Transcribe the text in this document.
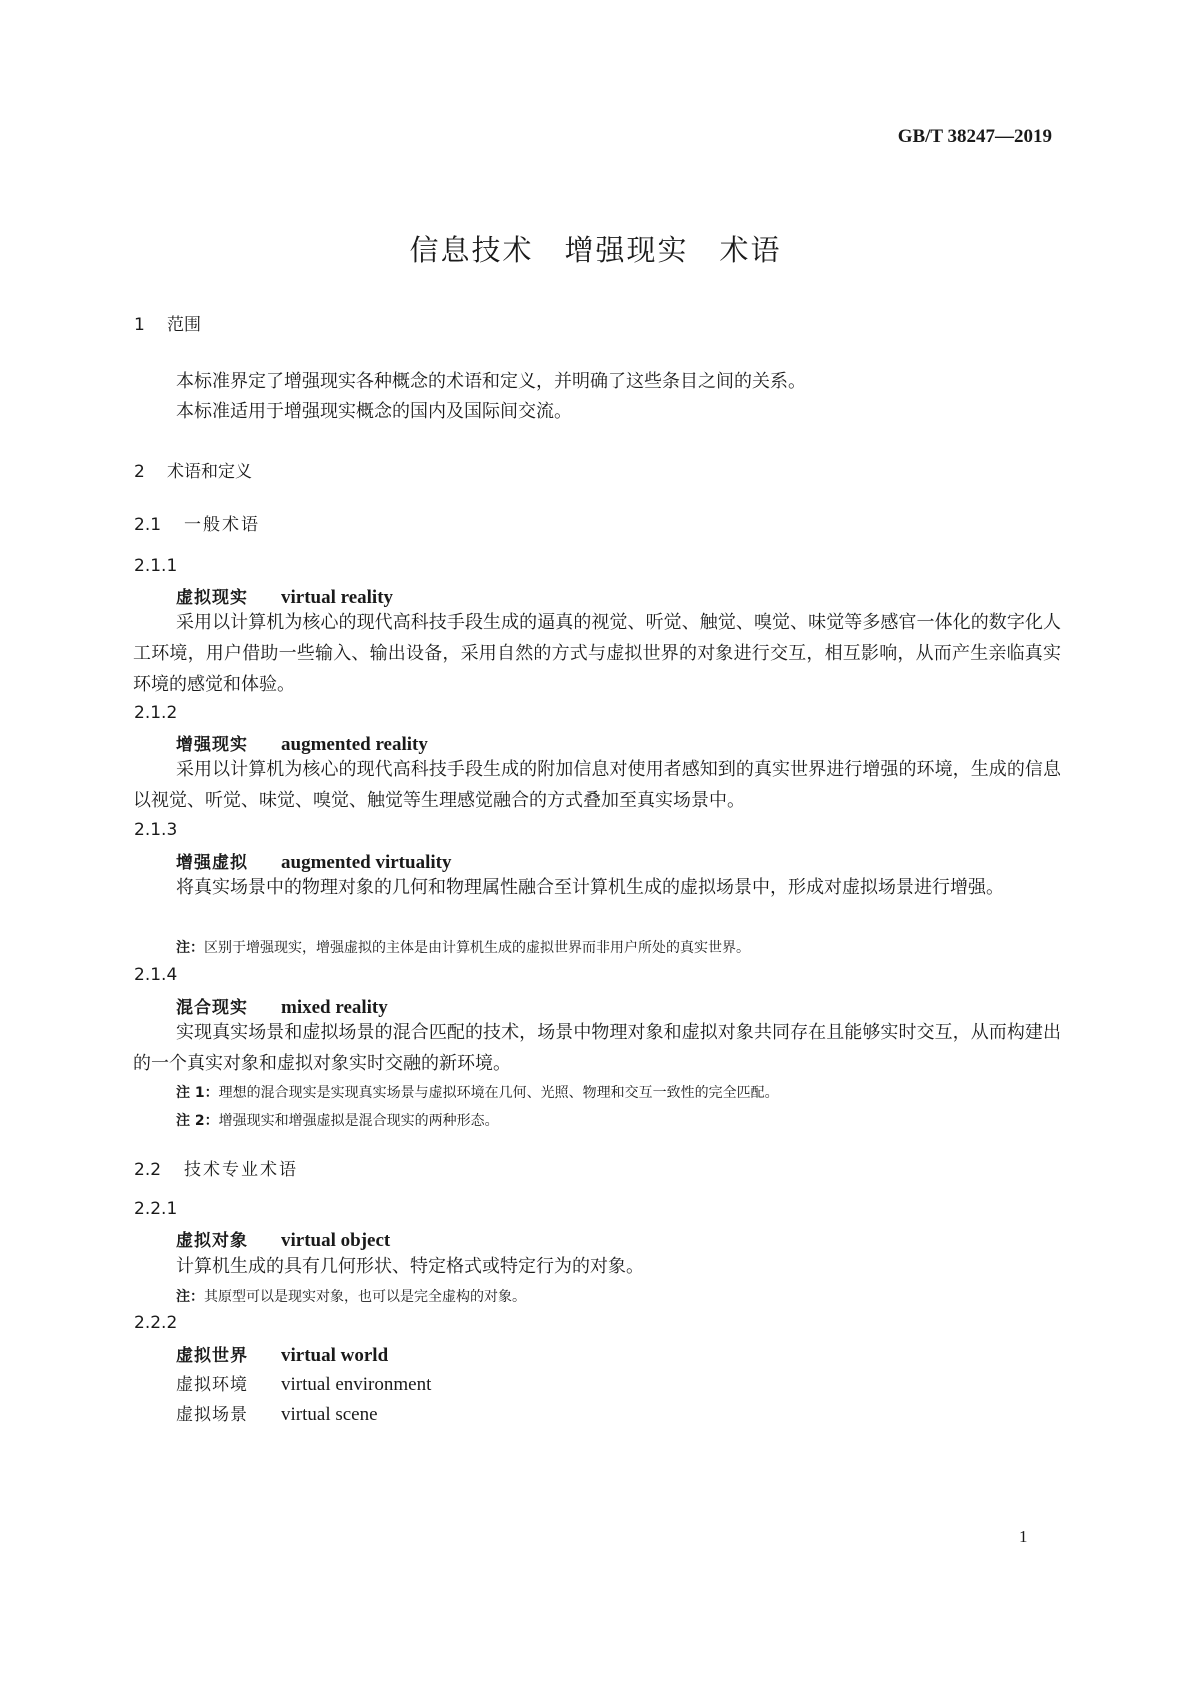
GB/T 38247—2019
信息技术　增强现实　术语
1 范围
本标准界定了增强现实各种概念的术语和定义，并明确了这些条目之间的关系。
本标准适用于增强现实概念的国内及国际间交流。
2 术语和定义
2.1 一般术语
2.1.1
虚拟现实 virtual reality
采用以计算机为核心的现代高科技手段生成的逼真的视觉、听觉、触觉、嗅觉、味觉等多感官一体化的数字化人工环境，用户借助一些输入、输出设备，采用自然的方式与虚拟世界的对象进行交互，相互影响，从而产生亲临真实环境的感觉和体验。
2.1.2
增强现实 augmented reality
采用以计算机为核心的现代高科技手段生成的附加信息对使用者感知到的真实世界进行增强的环境，生成的信息以视觉、听觉、味觉、嗅觉、触觉等生理感觉融合的方式叠加至真实场景中。
2.1.3
增强虚拟 augmented virtuality
将真实场景中的物理对象的几何和物理属性融合至计算机生成的虚拟场景中，形成对虚拟场景进行增强。
注：区别于增强现实，增强虚拟的主体是由计算机生成的虚拟世界而非用户所处的真实世界。
2.1.4
混合现实 mixed reality
实现真实场景和虚拟场景的混合匹配的技术，场景中物理对象和虚拟对象共同存在且能够实时交互，从而构建出的一个真实对象和虚拟对象实时交融的新环境。
注 1：理想的混合现实是实现真实场景与虚拟环境在几何、光照、物理和交互一致性的完全匹配。
注 2：增强现实和增强虚拟是混合现实的两种形态。
2.2 技术专业术语
2.2.1
虚拟对象 virtual object
计算机生成的具有几何形状、特定格式或特定行为的对象。
注：其原型可以是现实对象，也可以是完全虚构的对象。
2.2.2
虚拟世界 virtual world
虚拟环境 virtual environment
虚拟场景 virtual scene
1
